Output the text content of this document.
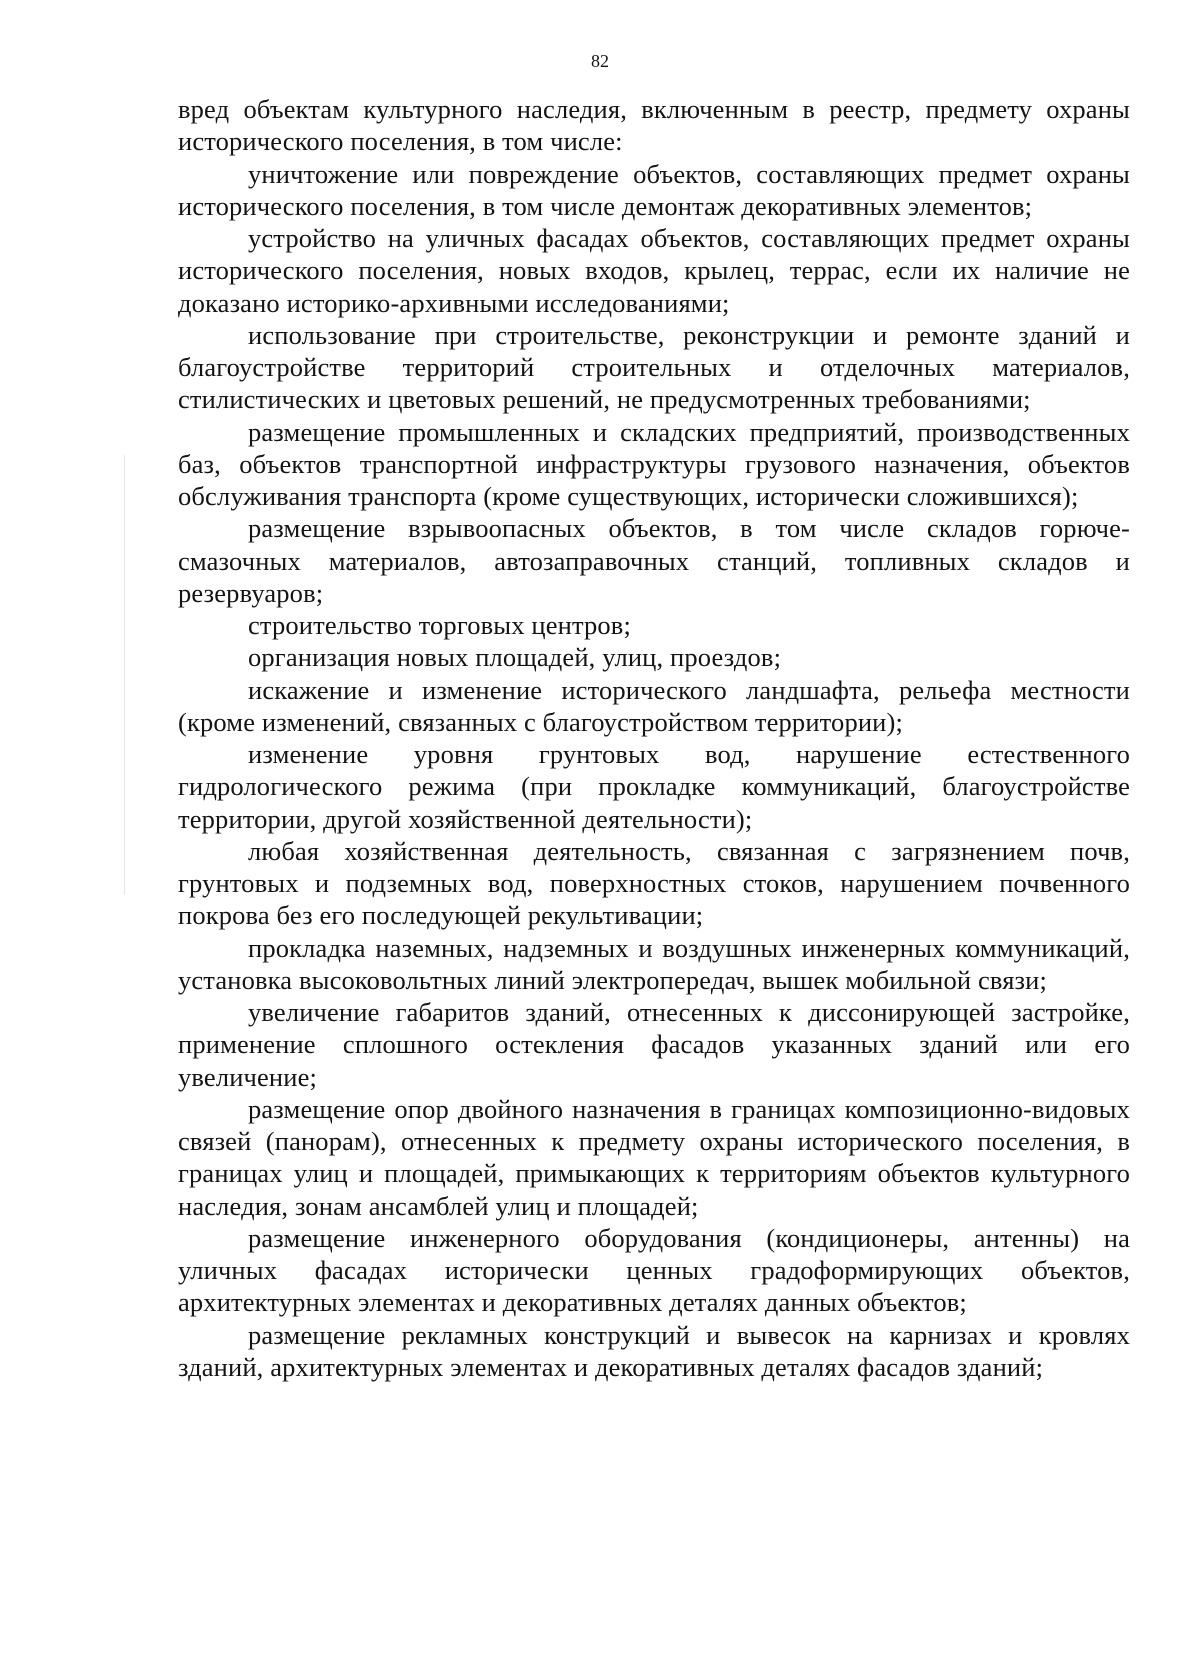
82

вред объектам культурного наследия, включенным в реестр, предмету охраны исторического поселения, в том числе:

уничтожение или повреждение объектов, составляющих предмет охраны исторического поселения, в том числе демонтаж декоративных элементов;

устройство на уличных фасадах объектов, составляющих предмет охраны исторического поселения, новых входов, крылец, террас, если их наличие не доказано историко-архивными исследованиями;

использование при строительстве, реконструкции и ремонте зданий и благоустройстве территорий строительных и отделочных материалов, стилистических и цветовых решений, не предусмотренных требованиями;

размещение промышленных и складских предприятий, производственных баз, объектов транспортной инфраструктуры грузового назначения, объектов обслуживания транспорта (кроме существующих, исторически сложившихся);

размещение взрывоопасных объектов, в том числе складов горюче-смазочных материалов, автозаправочных станций, топливных складов и резервуаров;

строительство торговых центров;

организация новых площадей, улиц, проездов;

искажение и изменение исторического ландшафта, рельефа местности (кроме изменений, связанных с благоустройством территории);

изменение уровня грунтовых вод, нарушение естественного гидрологического режима (при прокладке коммуникаций, благоустройстве территории, другой хозяйственной деятельности);

любая хозяйственная деятельность, связанная с загрязнением почв, грунтовых и подземных вод, поверхностных стоков, нарушением почвенного покрова без его последующей рекультивации;

прокладка наземных, надземных и воздушных инженерных коммуникаций, установка высоковольтных линий электропередач, вышек мобильной связи;

увеличение габаритов зданий, отнесенных к диссонирующей застройке, применение сплошного остекления фасадов указанных зданий или его увеличение;

размещение опор двойного назначения в границах композиционно-видовых связей (панорам), отнесенных к предмету охраны исторического поселения, в границах улиц и площадей, примыкающих к территориям объектов культурного наследия, зонам ансамблей улиц и площадей;

размещение инженерного оборудования (кондиционеры, антенны) на уличных фасадах исторически ценных градоформирующих объектов, архитектурных элементах и декоративных деталях данных объектов;

размещение рекламных конструкций и вывесок на карнизах и кровлях зданий, архитектурных элементах и декоративных деталях фасадов зданий;
